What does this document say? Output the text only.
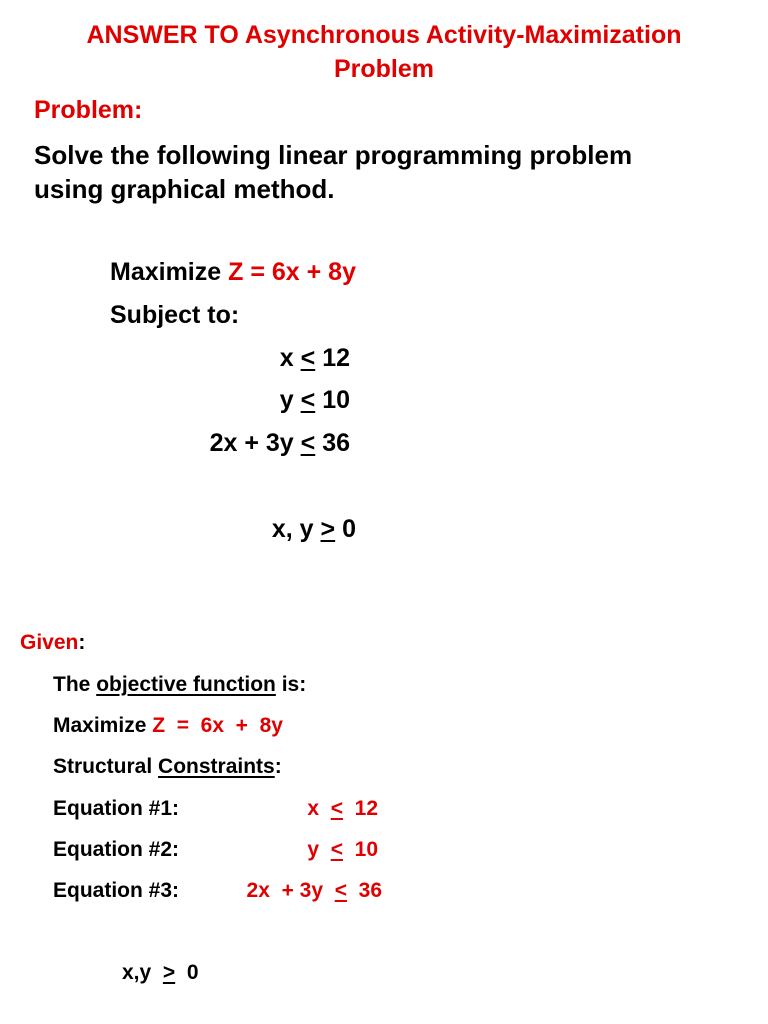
ANSWER TO Asynchronous Activity-Maximization
Problem
Problem:
Solve the following linear programming problem
using graphical method.
Maximize Z = 6x + 8y
Subject to:
x < 12
y < 10
2x + 3y < 36
x, y > 0
Given:
The objective function is:
Maximize Z  =  6x  +  8y
Structural Constraints:
Equation #1:	x < 12
Equation #2:	y < 10
Equation #3:	2x  + 3y < 36
x,y > 0
